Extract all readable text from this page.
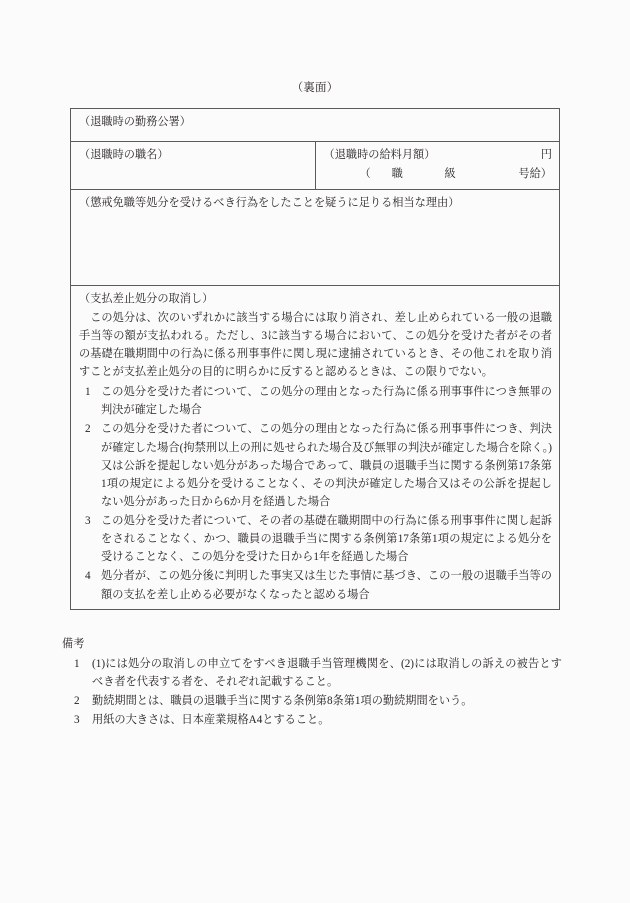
（裏面）
（退職時の勤務公署）
（退職時の職名）	（退職時の給料月額）	円
（	職	級	号給）

（懲戒免職等処分を受けるべき行為をしたことを疑うに足りる相当な理由）

（支払差止処分の取消し）
この処分は、次のいずれかに該当する場合には取り消され、差し止められている一般の退職手当等の額が支払われる。ただし、3に該当する場合において、この処分を受けた者がその者の基礎在職期間中の行為に係る刑事事件に関し現に逮捕されているとき、その他これを取り消すことが支払差止処分の目的に明らかに反すると認めるときは、この限りでない。
1 この処分を受けた者について、この処分の理由となった行為に係る刑事事件につき無罪の判決が確定した場合
2 この処分を受けた者について、この処分の理由となった行為に係る刑事事件につき、判決が確定した場合(拘禁刑以上の刑に処せられた場合及び無罪の判決が確定した場合を除く。)又は公訴を提起しない処分があった場合であって、職員の退職手当に関する条例第17条第1項の規定による処分を受けることなく、その判決が確定した場合又はその公訴を提起しない処分があった日から6か月を経過した場合
3 この処分を受けた者について、その者の基礎在職期間中の行為に係る刑事事件に関し起訴をされることなく、かつ、職員の退職手当に関する条例第17条第1項の規定による処分を受けることなく、この処分を受けた日から1年を経過した場合
4 処分者が、この処分後に判明した事実又は生じた事情に基づき、この一般の退職手当等の額の支払を差し止める必要がなくなったと認める場合
備考
1 (1)には処分の取消しの申立てをすべき退職手当管理機関を、(2)には取消しの訴えの被告とすべき者を代表する者を、それぞれ記載すること。
2 勤続期間とは、職員の退職手当に関する条例第8条第1項の勤続期間をいう。
3 用紙の大きさは、日本産業規格A4とすること。
